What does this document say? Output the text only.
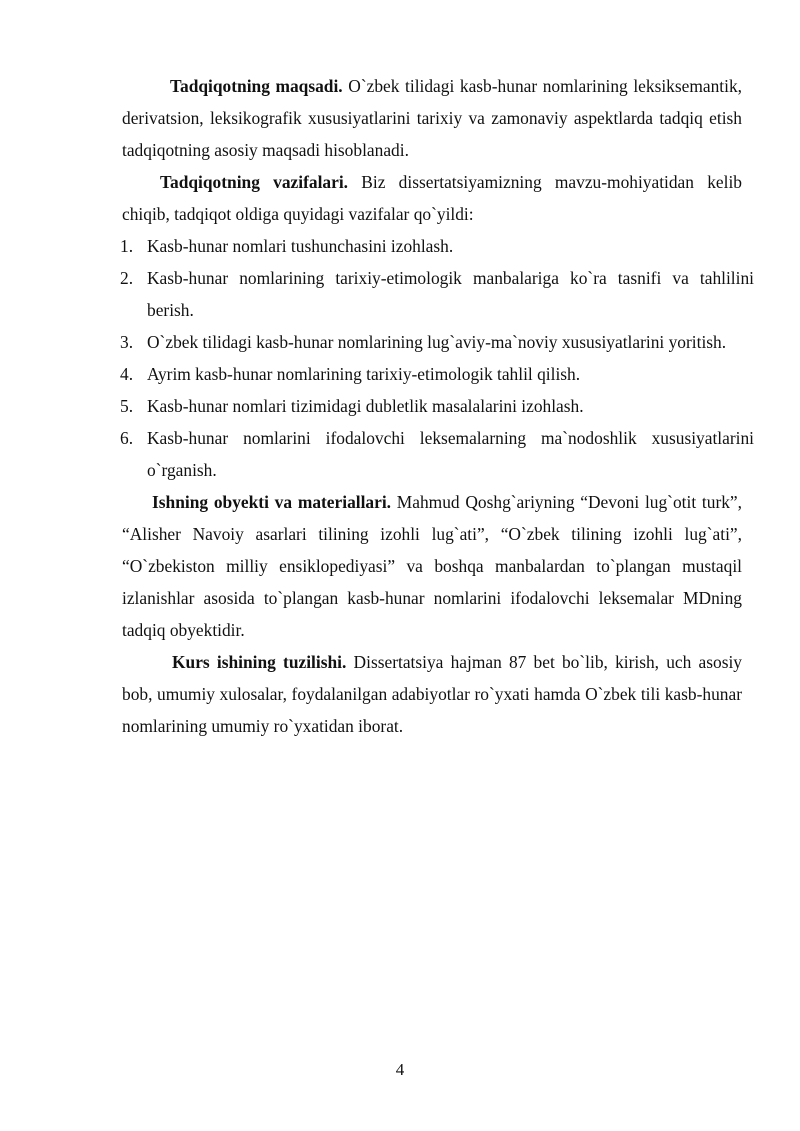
Tadqiqotning maqsadi. O`zbek tilidagi kasb-hunar nomlarining leksiksemantik, derivatsion, leksikografik xususiyatlarini tarixiy va zamonaviy aspektlarda tadqiq etish tadqiqotning asosiy maqsadi hisoblanadi.

Tadqiqotning vazifalari. Biz dissertatsiyamizning mavzu-mohiyatidan kelib chiqib, tadqiqot oldiga quyidagi vazifalar qo`yildi:

1. Kasb-hunar nomlari tushunchasini izohlash.
2. Kasb-hunar nomlarining tarixiy-etimologik manbalariga ko`ra tasnifi va tahlilini berish.
3. O`zbek tilidagi kasb-hunar nomlarining lug`aviy-ma`noviy xususiyatlarini yoritish.
4. Ayrim kasb-hunar nomlarining tarixiy-etimologik tahlil qilish.
5. Kasb-hunar nomlari tizimidagi dubletlik masalalarini izohlash.
6. Kasb-hunar nomlarini ifodalovchi leksemalarning ma`nodoshlik xususiyatlarini o`rganish.

Ishning obyekti va materiallari. Mahmud Qoshg`ariyning “Devoni lug`otit turk”, “Alisher Navoiy asarlari tilining izohli lug`ati”, “O`zbek tilining izohli lug`ati”, “O`zbekiston milliy ensiklopediyasi” va boshqa manbalardan to`plangan mustaqil izlanishlar asosida to`plangan kasb-hunar nomlarini ifodalovchi leksemalar MDning tadqiq obyektidir.

Kurs ishining tuzilishi. Dissertatsiya hajman 87 bet bo`lib, kirish, uch asosiy bob, umumiy xulosalar, foydalanilgan adabiyotlar ro`yxati hamda O`zbek tili kasb-hunar nomlarining umumiy ro`yxatidan iborat.

4
